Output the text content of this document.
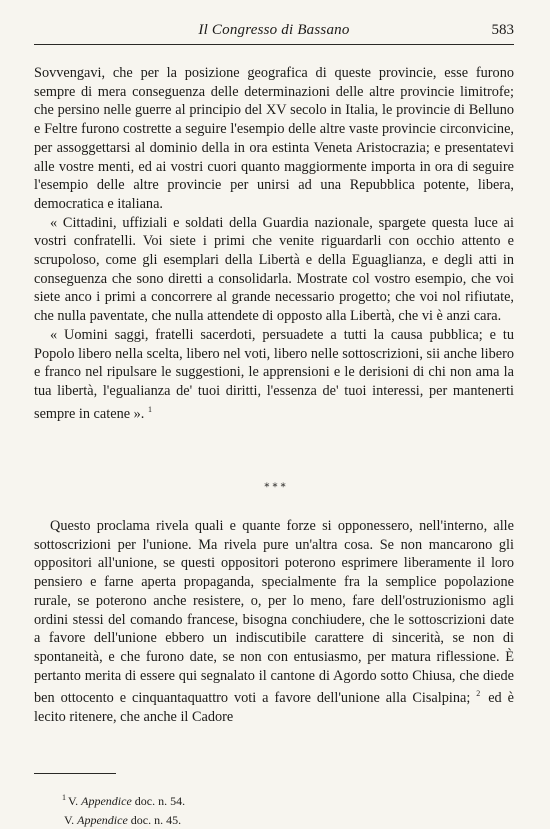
Il Congresso di Bassano	583

Sovvengavi, che per la posizione geografica di queste provincie, esse furono sempre di mera conseguenza delle determinazioni delle altre provincie limitrofe; che persino nelle guerre al principio del XV secolo in Italia, le provincie di Belluno e Feltre furono costrette a seguire l'esempio delle altre vaste provincie circonvicine, per assoggettarsi al dominio della in ora estinta Veneta Aristocrazia; e presentatevi alle vostre menti, ed ai vostri cuori quanto maggiormente importa in ora di seguire l'esempio delle altre provincie per unirsi ad una Repubblica potente, libera, democratica e italiana.

« Cittadini, uffiziali e soldati della Guardia nazionale, spargete questa luce ai vostri confratelli. Voi siete i primi che venite riguardarli con occhio attento e scrupoloso, come gli esemplari della Libertà e della Eguaglianza, e degli atti in conseguenza che sono diretti a consolidarla. Mostrate col vostro esempio, che voi siete anco i primi a concorrere al grande necessario progetto; che voi nol rifiutate, che nulla paventate, che nulla attendete di opposto alla Libertà, che vi è anzi cara.

« Uomini saggi, fratelli sacerdoti, persuadete a tutti la causa pubblica; e tu Popolo libero nella scelta, libero nel voti, libero nelle sottoscrizioni, sii anche libero e franco nel ripulsare le suggestioni, le apprensioni e le derisioni di chi non ama la tua libertà, l'egualianza de' tuoi diritti, l'essenza de' tuoi interessi, per mantenerti sempre in catene ». $^1$

* * *

Questo proclama rivela quali e quante forze si opponessero, nell'interno, alle sottoscrizioni per l'unione. Ma rivela pure un'altra cosa. Se non mancarono gli oppositori all'unione, se questi oppositori poterono esprimere liberamente il loro pensiero e farne aperta propaganda, specialmente fra la semplice popolazione rurale, se poterono anche resistere, o, per lo meno, fare dell'ostruzionismo agli ordini stessi del comando francese, bisogna conchiudere, che le sottoscrizioni date a favore dell'unione ebbero un indiscutibile carattere di sincerità, se non di spontaneità, e che furono date, se non con entusiasmo, per matura riflessione. È pertanto merita di essere qui segnalato il cantone di Agordo sotto Chiusa, che diede ben ottocento e cinquantaquattro voti a favore dell'unione alla Cisalpina; $^2$ ed è lecito ritenere, che anche il Cadore

$^1$ V. Appendice doc. n. 54.
V. Appendice doc. n. 45.
